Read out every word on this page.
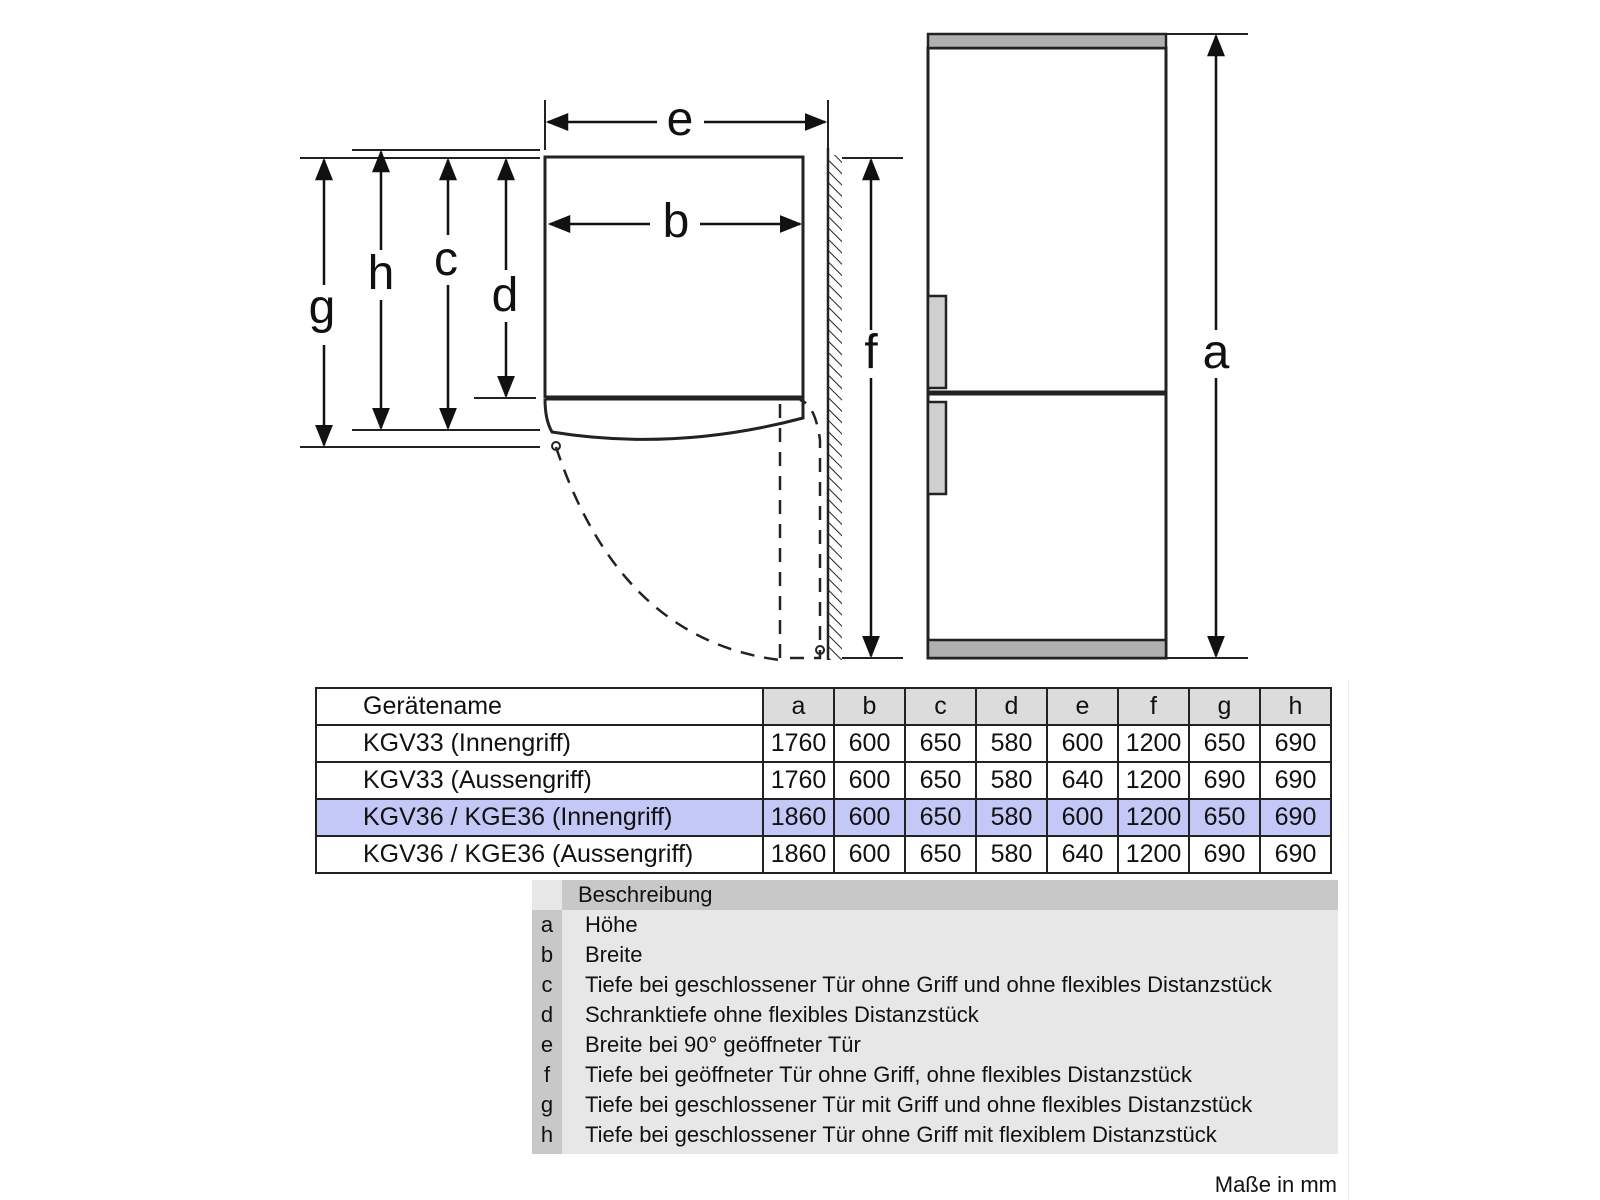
e
b
g
h c
d
f	a
Gerätename	a	b	c	d	e	f	g	h
KGV33 (Innengriff)	1760	600	650	580	600	1200	650	690
KGV33 (Aussengriff)	1760	600	650	580	640	1200	690	690
KGV36 / KGE36 (Innengriff)	1860	600	650	580	600	1200	650	690
KGV36 / KGE36 (Aussengriff)	1860	600	650	580	640	1200	690	690
Beschreibung
a	Höhe
b	Breite
c	Tiefe bei geschlossener Tür ohne Griff und ohne flexibles Distanzstück
d	Schranktiefe ohne flexibles Distanzstück
e	Breite bei 90° geöffneter Tür
f	Tiefe bei geöffneter Tür ohne Griff, ohne flexibles Distanzstück
g	Tiefe bei geschlossener Tür mit Griff und ohne flexibles Distanzstück
h	Tiefe bei geschlossener Tür ohne Griff mit flexiblem Distanzstück
Maße in mm
